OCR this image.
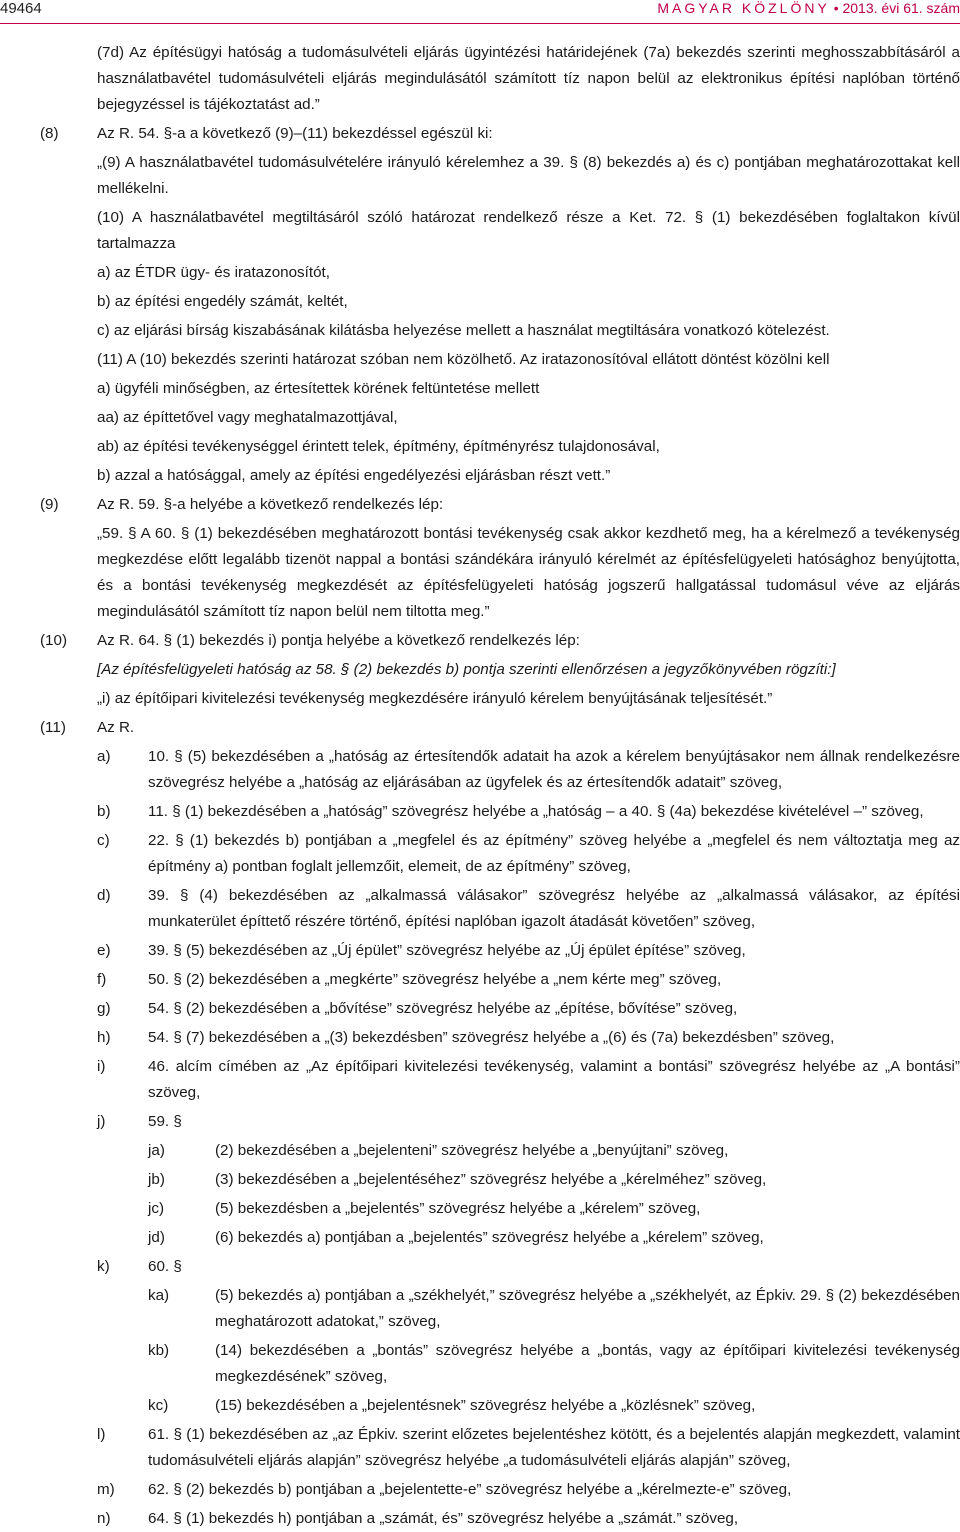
49464	MAGYAR KÖZLÖNY • 2013. évi 61. szám

(7d) Az építésügyi hatóság a tudomásulvételi eljárás ügyintézési határidejének (7a) bekezdés szerinti meghosszabbításáról a használatbavétel tudomásulvételi eljárás megindulásától számított tíz napon belül az elektronikus építési naplóban történő bejegyzéssel is tájékoztatást ad.”

(8)	Az R. 54. §-a a következő (9)–(11) bekezdéssel egészül ki:

„(9) A használatbavétel tudomásulvételére irányuló kérelemhez a 39. § (8) bekezdés a) és c) pontjában meghatározottakat kell mellékelni.

(10) A használatbavétel megtiltásáról szóló határozat rendelkező része a Ket. 72. § (1) bekezdésében foglaltakon kívül tartalmazza

a) az ÉTDR ügy- és iratazonosítót,

b) az építési engedély számát, keltét,

c) az eljárási bírság kiszabásának kilátásba helyezése mellett a használat megtiltására vonatkozó kötelezést.

(11) A (10) bekezdés szerinti határozat szóban nem közölhető. Az iratazonosítóval ellátott döntést közölni kell

a) ügyféli minőségben, az értesítettek körének feltüntetése mellett

aa) az építtetővel vagy meghatalmazottjával,

ab) az építési tevékenységgel érintett telek, építmény, építményrész tulajdonosával,

b) azzal a hatósággal, amely az építési engedélyezési eljárásban részt vett.”

(9)	Az R. 59. §-a helyébe a következő rendelkezés lép:

„59. § A 60. § (1) bekezdésében meghatározott bontási tevékenység csak akkor kezdhető meg, ha a kérelmező a tevékenység megkezdése előtt legalább tizenöt nappal a bontási szándékára irányuló kérelmét az építésfelügyeleti hatósághoz benyújtotta, és a bontási tevékenység megkezdését az építésfelügyeleti hatóság jogszerű hallgatással tudomásul véve az eljárás megindulásától számított tíz napon belül nem tiltotta meg.”

(10) Az R. 64. § (1) bekezdés i) pontja helyébe a következő rendelkezés lép:

[Az építésfelügyeleti hatóság az 58. § (2) bekezdés b) pontja szerinti ellenőrzésen a jegyzőkönyvében rögzíti:]

„i) az építőipari kivitelezési tevékenység megkezdésére irányuló kérelem benyújtásának teljesítését.”

(11) Az R.

a) 10. § (5) bekezdésében a „hatóság az értesítendők adatait ha azok a kérelem benyújtásakor nem állnak rendelkezésre szövegrész helyébe a „hatóság az eljárásában az ügyfelek és az értesítendők adatait” szöveg,

b) 11. § (1) bekezdésében a „hatóság” szövegrész helyébe a „hatóság – a 40. § (4a) bekezdése kivételével –” szöveg,

c)	22. § (1) bekezdés b) pontjában a „megfelel és az építmény” szöveg helyébe a „megfelel és nem változtatja meg az építmény a) pontban foglalt jellemzőit, elemeit, de az építmény” szöveg,

d) 39. § (4) bekezdésében az „alkalmassá válásakor” szövegrész helyébe az „alkalmassá válásakor, az építési munkaterület építtető részére történő, építési naplóban igazolt átadását követően” szöveg,

e) 39. § (5) bekezdésében az „Új épület” szövegrész helyébe az „Új épület építése” szöveg,

f)	50. § (2) bekezdésében a „megkérte” szövegrész helyébe a „nem kérte meg” szöveg,

g) 54. § (2) bekezdésében a „bővítése” szövegrész helyébe az „építése, bővítése” szöveg,

h) 54. § (7) bekezdésében a „(3) bekezdésben” szövegrész helyébe a „(6) és (7a) bekezdésben” szöveg,

i)	46. alcím címében az „Az építőipari kivitelezési tevékenység, valamint a bontási” szövegrész helyébe az „A bontási” szöveg,

j)	59. §

ja)	(2) bekezdésében a „bejelenteni” szövegrész helyébe a „benyújtani” szöveg,

jb)	(3) bekezdésében a „bejelentéséhez” szövegrész helyébe a „kérelméhez” szöveg,

jc)	(5) bekezdésben a „bejelentés” szövegrész helyébe a „kérelem” szöveg,

jd)	(6) bekezdés a) pontjában a „bejelentés” szövegrész helyébe a „kérelem” szöveg,

k)	60. §

ka)	(5) bekezdés a) pontjában a „székhelyét,” szövegrész helyébe a „székhelyét, az Épkiv. 29. § (2) bekezdésében meghatározott adatokat,” szöveg,

kb)	(14) bekezdésében a „bontás” szövegrész helyébe a „bontás, vagy az építőipari kivitelezési tevékenység megkezdésének” szöveg,

kc)	(15) bekezdésében a „bejelentésnek” szövegrész helyébe a „közlésnek” szöveg,

l)	61. § (1) bekezdésében az „az Épkiv. szerint előzetes bejelentéshez kötött, és a bejelentés alapján megkezdett, valamint tudomásulvételi eljárás alapján” szövegrész helyébe „a tudomásulvételi eljárás alapján” szöveg,

m) 62. § (2) bekezdés b) pontjában a „bejelentette-e” szövegrész helyébe a „kérelmezte-e” szöveg,

n) 64. § (1) bekezdés h) pontjában a „számát, és” szövegrész helyébe a „számát.” szöveg,
